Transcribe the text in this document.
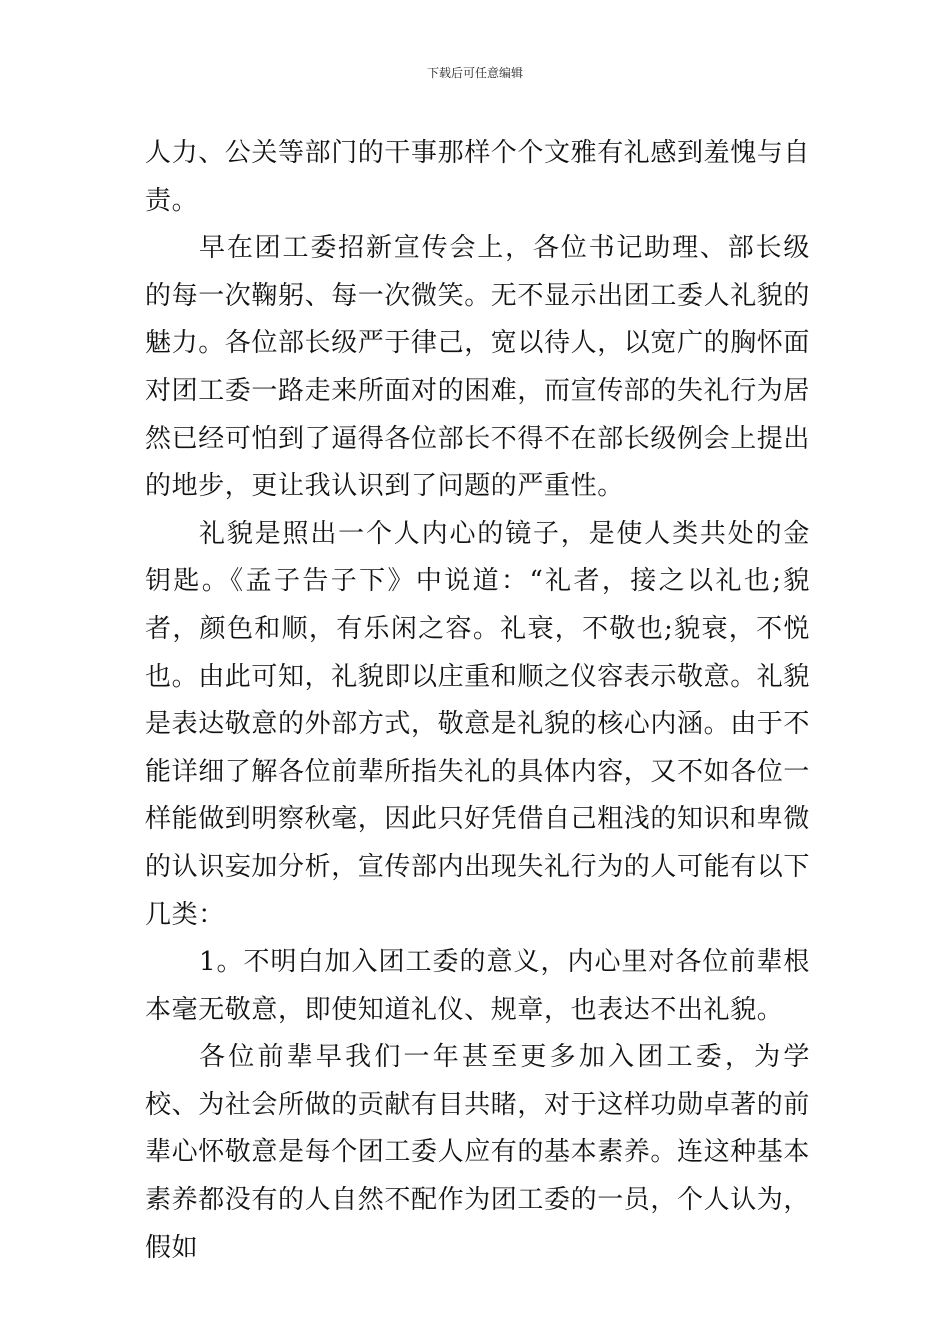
下载后可任意编辑

人力、公关等部门的干事那样个个文雅有礼感到羞愧与自责。

早在团工委招新宣传会上，各位书记助理、部长级的每一次鞠躬、每一次微笑。无不显示出团工委人礼貌的魅力。各位部长级严于律己，宽以待人，以宽广的胸怀面对团工委一路走来所面对的困难，而宣传部的失礼行为居然已经可怕到了逼得各位部长不得不在部长级例会上提出的地步，更让我认识到了问题的严重性。

礼貌是照出一个人内心的镜子，是使人类共处的金钥匙。《孟子告子下》中说道：“礼者，接之以礼也;貌者，颜色和顺，有乐闲之容。礼衰，不敬也;貌衰，不悦也。由此可知，礼貌即以庄重和顺之仪容表示敬意。礼貌是表达敬意的外部方式，敬意是礼貌的核心内涵。由于不能详细了解各位前辈所指失礼的具体内容，又不如各位一样能做到明察秋毫，因此只好凭借自己粗浅的知识和卑微的认识妄加分析，宣传部内出现失礼行为的人可能有以下几类：

1。不明白加入团工委的意义，内心里对各位前辈根本毫无敬意，即使知道礼仪、规章，也表达不出礼貌。

各位前辈早我们一年甚至更多加入团工委，为学校、为社会所做的贡献有目共睹，对于这样功勋卓著的前辈心怀敬意是每个团工委人应有的基本素养。连这种基本素养都没有的人自然不配作为团工委的一员，个人认为，假如
